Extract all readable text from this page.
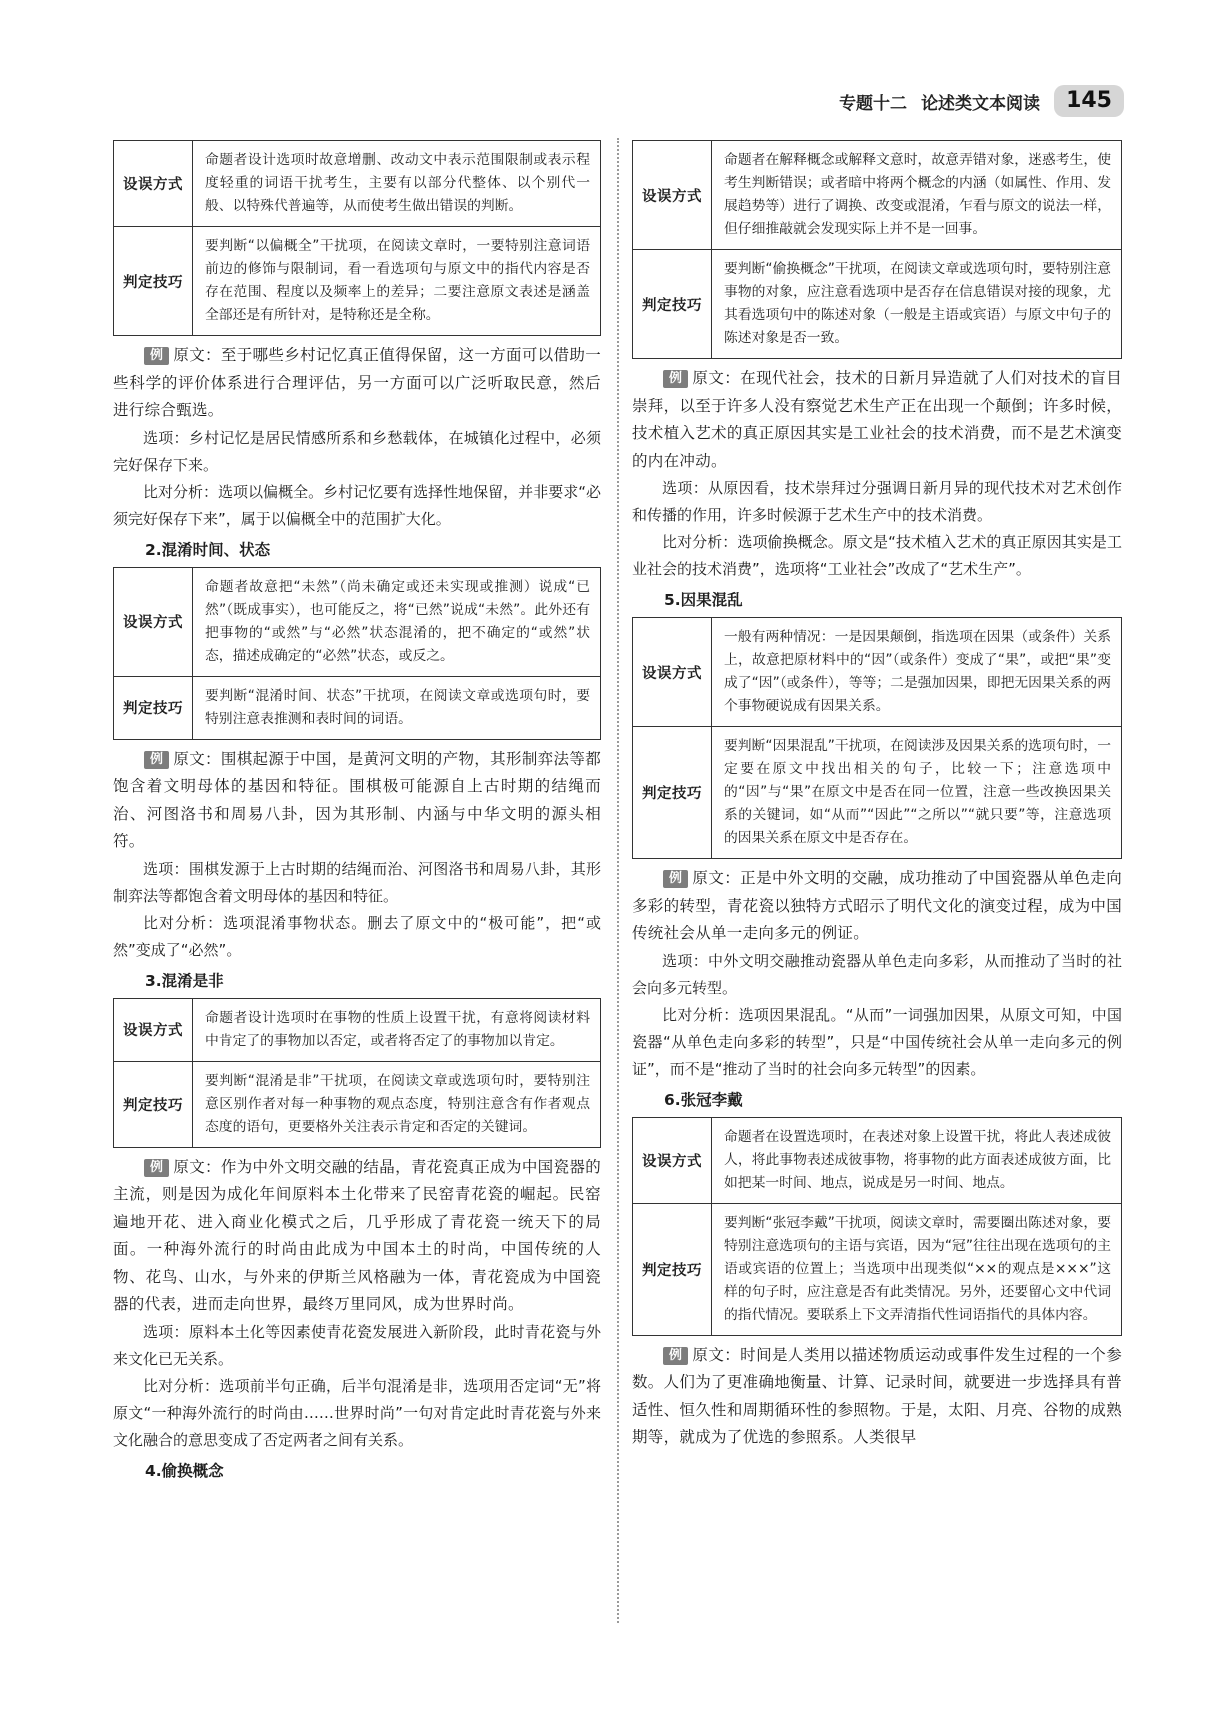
专题十二 论述类文本阅读	145
设误方式	命题者设计选项时故意增删、改动文中表示范围限制或表示程度轻重的词语干扰考生，主要有以部分代整体、以个别代一般、以特殊代普遍等，从而使考生做出错误的判断。
判定技巧	要判断“以偏概全”干扰项，在阅读文章时，一要特别注意词语前边的修饰与限制词，看一看选项句与原文中的指代内容是否存在范围、程度以及频率上的差异；二要注意原文表述是涵盖全部还是有所针对，是特称还是全称。

例 原文：至于哪些乡村记忆真正值得保留，这一方面可以借助一些科学的评价体系进行合理评估，另一方面可以广泛听取民意，然后进行综合甄选。

选项：乡村记忆是居民情感所系和乡愁载体，在城镇化过程中，必须完好保存下来。

比对分析：选项以偏概全。乡村记忆要有选择性地保留，并非要求“必须完好保存下来”，属于以偏概全中的范围扩大化。

2.混淆时间、状态
设误方式	命题者故意把“未然”（尚未确定或还未实现或推测）说成“已然”（既成事实），也可能反之，将“已然”说成“未然”。此外还有把事物的“或然”与“必然”状态混淆的，把不确定的“或然”状态，描述成确定的“必然”状态，或反之。
判定技巧	要判断“混淆时间、状态”干扰项，在阅读文章或选项句时，要特别注意表推测和表时间的词语。

例 原文：围棋起源于中国，是黄河文明的产物，其形制弈法等都饱含着文明母体的基因和特征。围棋极可能源自上古时期的结绳而治、河图洛书和周易八卦，因为其形制、内涵与中华文明的源头相符。

选项：围棋发源于上古时期的结绳而治、河图洛书和周易八卦，其形制弈法等都饱含着文明母体的基因和特征。

比对分析：选项混淆事物状态。删去了原文中的“极可能”，把“或然”变成了“必然”。

3.混淆是非
设误方式	命题者设计选项时在事物的性质上设置干扰，有意将阅读材料中肯定了的事物加以否定，或者将否定了的事物加以肯定。
判定技巧	要判断“混淆是非”干扰项，在阅读文章或选项句时，要特别注意区别作者对每一种事物的观点态度，特别注意含有作者观点态度的语句，更要格外关注表示肯定和否定的关键词。

例 原文：作为中外文明交融的结晶，青花瓷真正成为中国瓷器的主流，则是因为成化年间原料本土化带来了民窑青花瓷的崛起。民窑遍地开花、进入商业化模式之后，几乎形成了青花瓷一统天下的局面。一种海外流行的时尚由此成为中国本土的时尚，中国传统的人物、花鸟、山水，与外来的伊斯兰风格融为一体，青花瓷成为中国瓷器的代表，进而走向世界，最终万里同风，成为世界时尚。

选项：原料本土化等因素使青花瓷发展进入新阶段，此时青花瓷与外来文化已无关系。

比对分析：选项前半句正确，后半句混淆是非，选项用否定词“无”将原文“一种海外流行的时尚由……世界时尚”一句对肯定此时青花瓷与外来文化融合的意思变成了否定两者之间有关系。

4.偷换概念
设误方式	命题者在解释概念或解释文意时，故意弄错对象，迷惑考生，使考生判断错误；或者暗中将两个概念的内涵（如属性、作用、发展趋势等）进行了调换、改变或混淆，乍看与原文的说法一样，但仔细推敲就会发现实际上并不是一回事。
判定技巧	要判断“偷换概念”干扰项，在阅读文章或选项句时，要特别注意事物的对象，应注意看选项中是否存在信息错误对接的现象，尤其看选项句中的陈述对象（一般是主语或宾语）与原文中句子的陈述对象是否一致。

例 原文：在现代社会，技术的日新月异造就了人们对技术的盲目崇拜，以至于许多人没有察觉艺术生产正在出现一个颠倒；许多时候，技术植入艺术的真正原因其实是工业社会的技术消费，而不是艺术演变的内在冲动。

选项：从原因看，技术崇拜过分强调日新月异的现代技术对艺术创作和传播的作用，许多时候源于艺术生产中的技术消费。

比对分析：选项偷换概念。原文是“技术植入艺术的真正原因其实是工业社会的技术消费”，选项将“工业社会”改成了“艺术生产”。

5.因果混乱
设误方式	一般有两种情况：一是因果颠倒，指选项在因果（或条件）关系上，故意把原材料中的“因”（或条件）变成了“果”，或把“果”变成了“因”（或条件），等等；二是强加因果，即把无因果关系的两个事物硬说成有因果关系。
判定技巧	要判断“因果混乱”干扰项，在阅读涉及因果关系的选项句时，一定要在原文中找出相关的句子，比较一下；注意选项中的“因”与“果”在原文中是否在同一位置，注意一些改换因果关系的关键词，如“从而”“因此”“之所以”“就只要”等，注意选项的因果关系在原文中是否存在。

例 原文：正是中外文明的交融，成功推动了中国瓷器从单色走向多彩的转型，青花瓷以独特方式昭示了明代文化的演变过程，成为中国传统社会从单一走向多元的例证。

选项：中外文明交融推动瓷器从单色走向多彩，从而推动了当时的社会向多元转型。

比对分析：选项因果混乱。“从而”一词强加因果，从原文可知，中国瓷器“从单色走向多彩的转型”，只是“中国传统社会从单一走向多元的例证”，而不是“推动了当时的社会向多元转型”的因素。

6.张冠李戴
设误方式	命题者在设置选项时，在表述对象上设置干扰，将此人表述成彼人，将此事物表述成彼事物，将事物的此方面表述成彼方面，比如把某一时间、地点，说成是另一时间、地点。
判定技巧	要判断“张冠李戴”干扰项，阅读文章时，需要圈出陈述对象，要特别注意选项句的主语与宾语，因为“冠”往往出现在选项句的主语或宾语的位置上；当选项中出现类似“××的观点是×××”这样的句子时，应注意是否有此类情况。另外，还要留心文中代词的指代情况。要联系上下文弄清指代性词语指代的具体内容。

例 原文：时间是人类用以描述物质运动或事件发生过程的一个参数。人们为了更准确地衡量、计算、记录时间，就要进一步选择具有普适性、恒久性和周期循环性的参照物。于是，太阳、月亮、谷物的成熟期等，就成为了优选的参照系。人类很早
